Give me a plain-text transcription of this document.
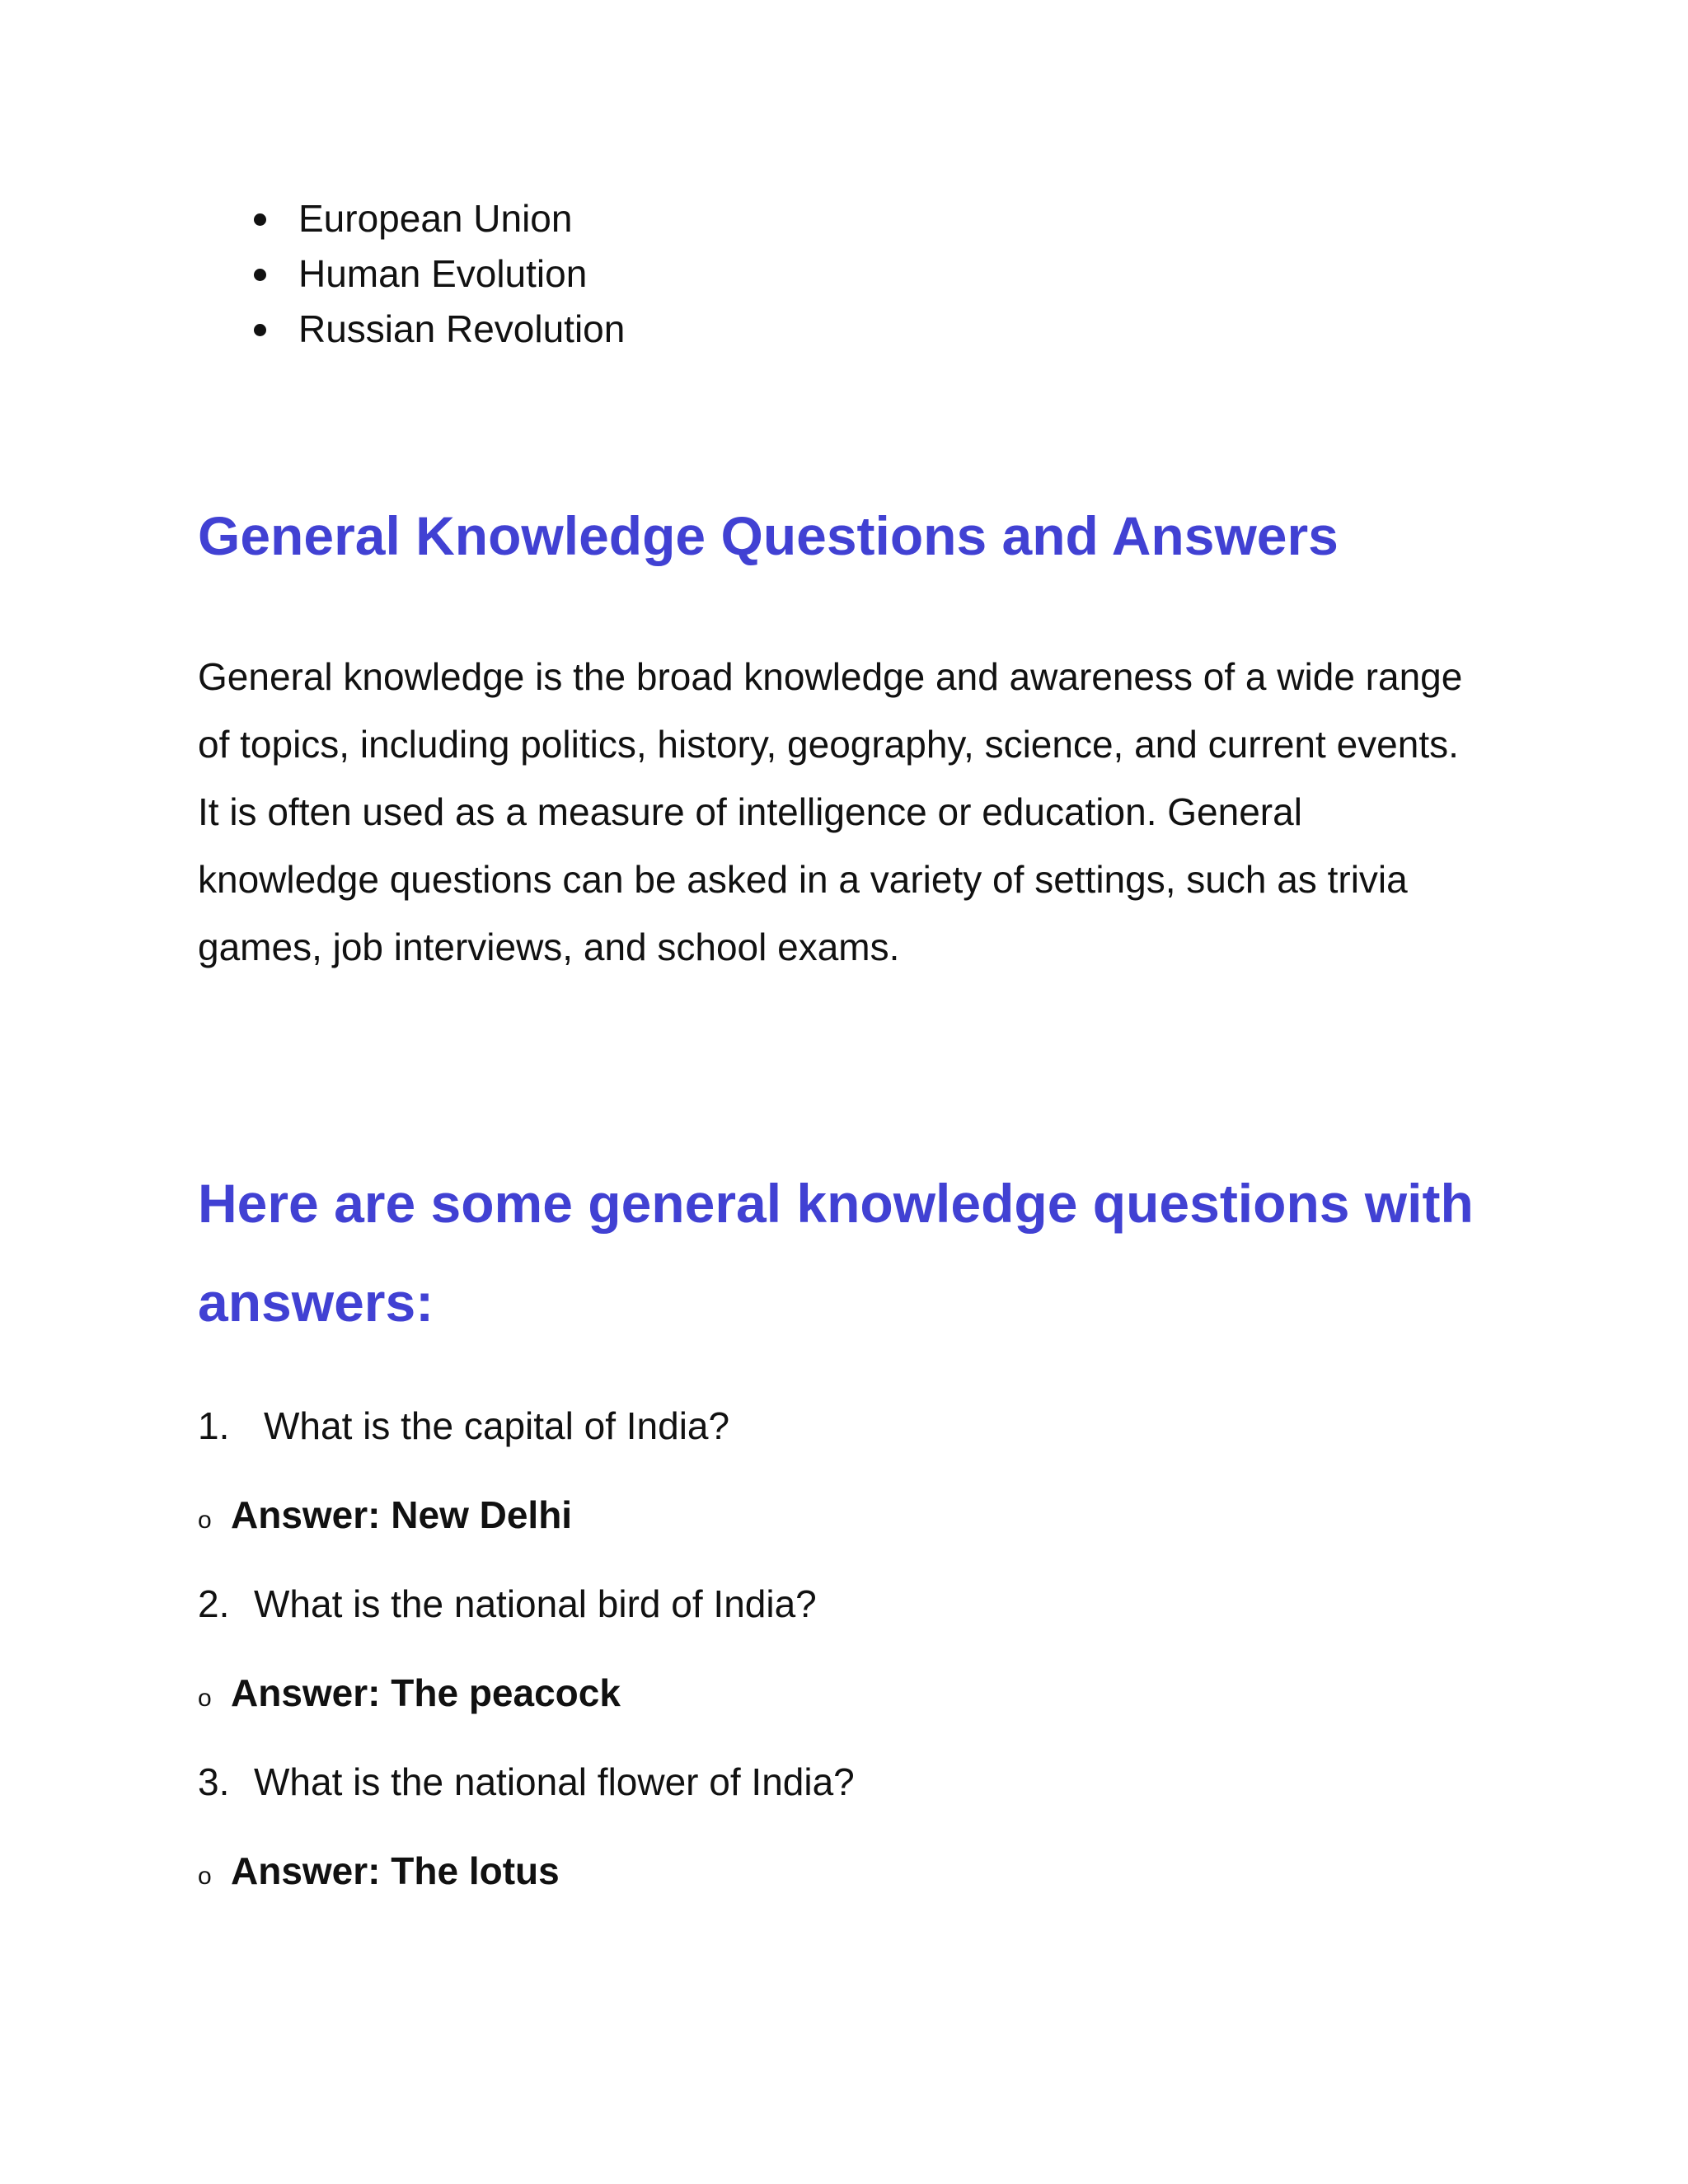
European Union
Human Evolution
Russian Revolution
General Knowledge Questions and Answers

General knowledge is the broad knowledge and awareness of a wide range
of topics, including politics, history, geography, science, and current events.
It is often used as a measure of intelligence or education. General
knowledge questions can be asked in a variety of settings, such as trivia
games, job interviews, and school exams.

Here are some general knowledge questions with
answers:
1. What is the capital of India?
o Answer: New Delhi
2. What is the national bird of India?
o Answer: The peacock
3. What is the national flower of India?
o Answer: The lotus
